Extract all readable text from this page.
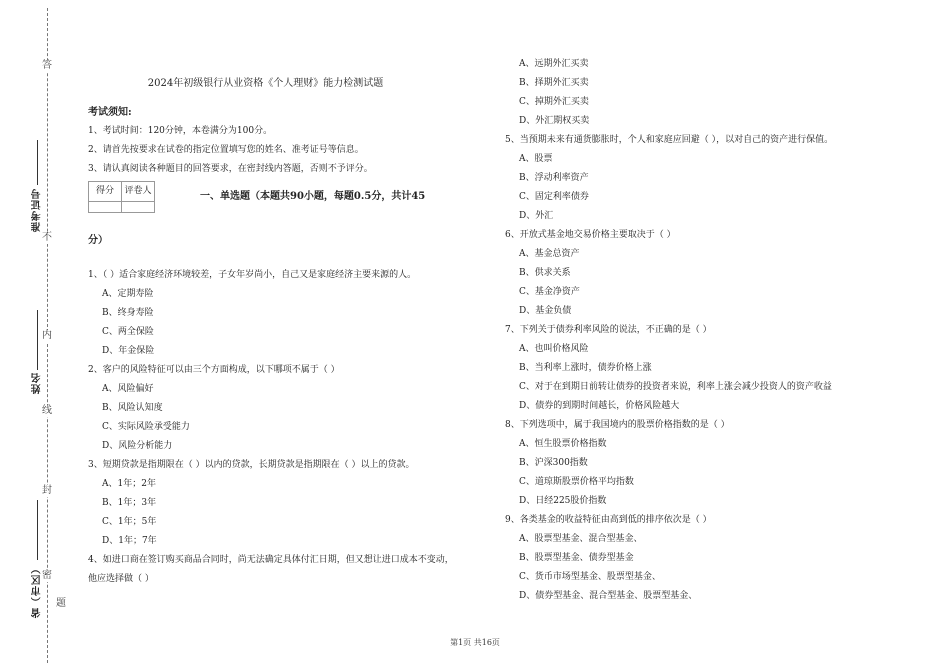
答
不
内
线
封
密
准考证号
姓名
省（市区） 题
2024年初级银行从业资格《个人理财》能力检测试题
考试须知:
1、考试时间：120分钟，本卷满分为100分。
2、请首先按要求在试卷的指定位置填写您的姓名、准考证号等信息。
3、请认真阅读各种题目的回答要求，在密封线内答题，否则不予评分。
得分	评卷人
		一、单选题（本题共90小题，每题0.5分，共计45
分）
1、（ ）适合家庭经济环境较差，子女年岁尚小，自己又是家庭经济主要来源的人。
A、定期寿险
B、终身寿险
C、两全保险
D、年金保险
2、客户的风险特征可以由三个方面构成，以下哪项不属于（ ）
A、风险偏好
B、风险认知度
C、实际风险承受能力
D、风险分析能力
3、短期贷款是指期限在（ ）以内的贷款，长期贷款是指期限在（ ）以上的贷款。
A、1年；2年
B、1年；3年
C、1年；5年
D、1年；7年
4、如进口商在签订购买商品合同时，尚无法确定具体付汇日期，但又想让进口成本不变动，
他应选择做（ ）
A、远期外汇买卖
B、择期外汇买卖
C、掉期外汇买卖
D、外汇期权买卖
5、当预期未来有通货膨胀时，个人和家庭应回避（ ），以对自己的资产进行保值。
A、股票
B、浮动利率资产
C、固定利率债券
D、外汇
6、开放式基金地交易价格主要取决于（ ）
A、基金总资产
B、供求关系
C、基金净资产
D、基金负债
7、下列关于债券利率风险的说法，不正确的是（ ）
A、也叫价格风险
B、当利率上涨时，债券价格上涨
C、对于在到期日前转让债券的投资者来说，利率上涨会减少投资人的资产收益
D、债券的到期时间越长，价格风险越大
8、下列选项中，属于我国境内的股票价格指数的是（ ）
A、恒生股票价格指数
B、沪深300指数
C、道琼斯股票价格平均指数
D、日经225股价指数
9、各类基金的收益特征由高到低的排序依次是（ ）
A、股票型基金、混合型基金、
B、股票型基金、债券型基金
C、货币市场型基金、股票型基金、
D、债券型基金、混合型基金、股票型基金、
第1页 共16页
